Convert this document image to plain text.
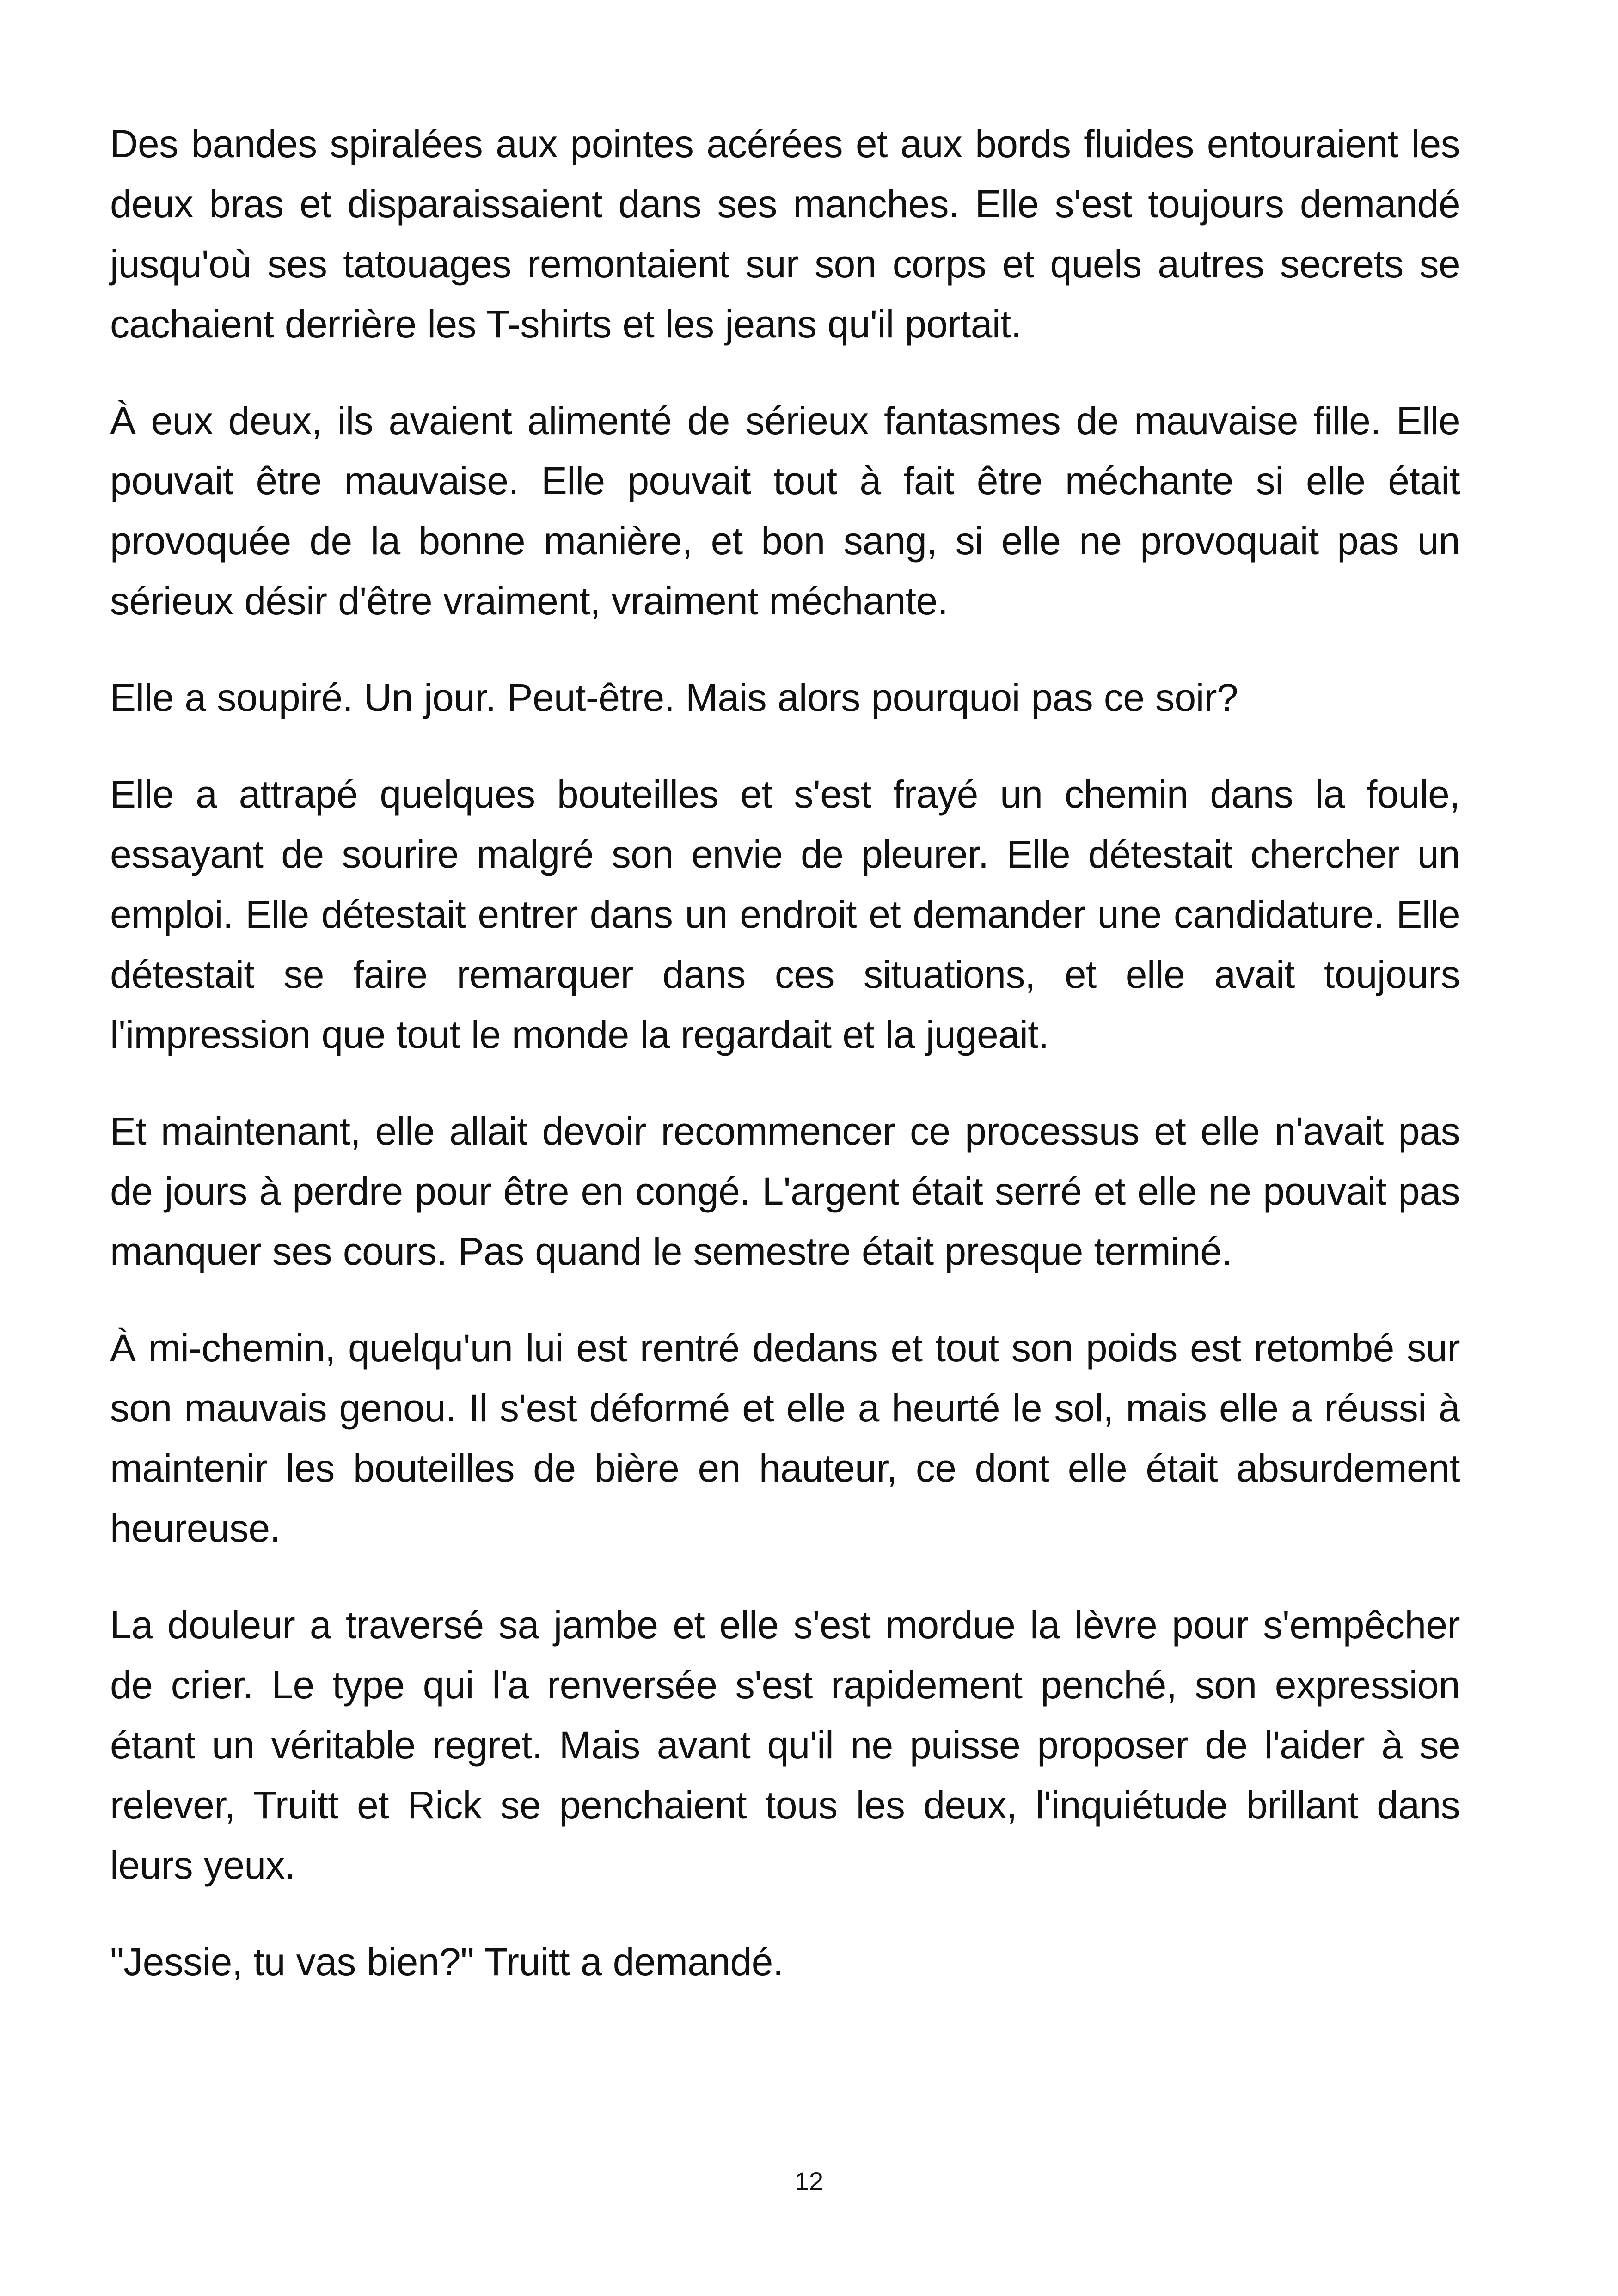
Des bandes spiralées aux pointes acérées et aux bords fluides entouraient les deux bras et disparaissaient dans ses manches. Elle s'est toujours demandé jusqu'où ses tatouages remontaient sur son corps et quels autres secrets se cachaient derrière les T-shirts et les jeans qu'il portait.

À eux deux, ils avaient alimenté de sérieux fantasmes de mauvaise fille. Elle pouvait être mauvaise. Elle pouvait tout à fait être méchante si elle était provoquée de la bonne manière, et bon sang, si elle ne provoquait pas un sérieux désir d'être vraiment, vraiment méchante.

Elle a soupiré. Un jour. Peut-être. Mais alors pourquoi pas ce soir?

Elle a attrapé quelques bouteilles et s'est frayé un chemin dans la foule, essayant de sourire malgré son envie de pleurer. Elle détestait chercher un emploi. Elle détestait entrer dans un endroit et demander une candidature. Elle détestait se faire remarquer dans ces situations, et elle avait toujours l'impression que tout le monde la regardait et la jugeait.

Et maintenant, elle allait devoir recommencer ce processus et elle n'avait pas de jours à perdre pour être en congé. L'argent était serré et elle ne pouvait pas manquer ses cours. Pas quand le semestre était presque terminé.

À mi-chemin, quelqu'un lui est rentré dedans et tout son poids est retombé sur son mauvais genou. Il s'est déformé et elle a heurté le sol, mais elle a réussi à maintenir les bouteilles de bière en hauteur, ce dont elle était absurdement heureuse.

La douleur a traversé sa jambe et elle s'est mordue la lèvre pour s'empêcher de crier. Le type qui l'a renversée s'est rapidement penché, son expression étant un véritable regret. Mais avant qu'il ne puisse proposer de l'aider à se relever, Truitt et Rick se penchaient tous les deux, l'inquiétude brillant dans leurs yeux.

"Jessie, tu vas bien?" Truitt a demandé.

12
